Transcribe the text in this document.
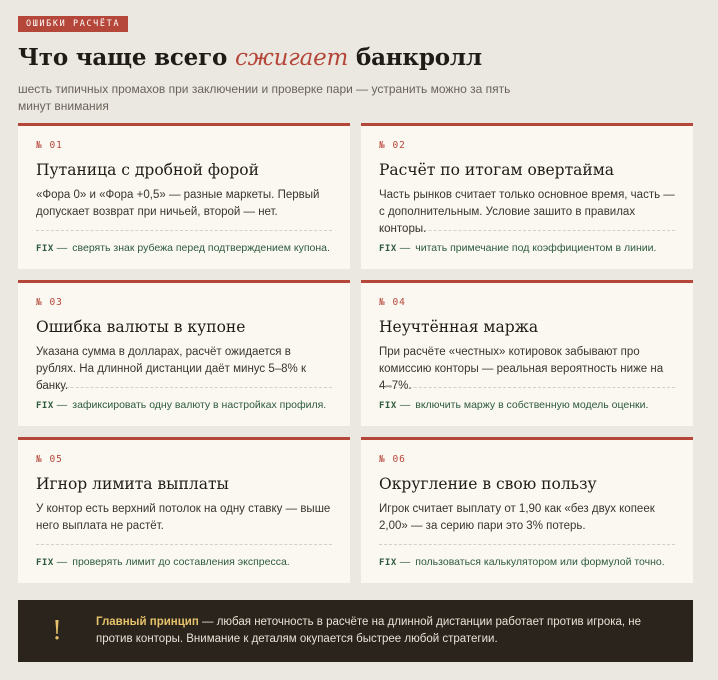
ОШИБКИ РАСЧЁТА
Что чаще всего сжигает банкролл

шесть типичных промахов при заключении и проверке пари — устранить можно за пять минут внимания

№ 01
Путаница с дробной форой
«Фора 0» и «Фора +0,5» — разные маркеты. Первый допускает возврат при ничьей, второй — нет.
FIX — сверять знак рубежа перед подтверждением купона.
№ 02
Расчёт по итогам овертайма
Часть рынков считает только основное время, часть — с дополнительным. Условие зашито в правилах конторы.
FIX — читать примечание под коэффициентом в линии.
№ 03
Ошибка валюты в купоне
Указана сумма в долларах, расчёт ожидается в рублях. На длинной дистанции даёт минус 5–8% к банку.
FIX — зафиксировать одну валюту в настройках профиля.
№ 04
Неучтённая маржа
При расчёте «честных» котировок забывают про комиссию конторы — реальная вероятность ниже на 4–7%.
FIX — включить маржу в собственную модель оценки.
№ 05
Игнор лимита выплаты
У контор есть верхний потолок на одну ставку — выше него выплата не растёт.
FIX — проверять лимит до составления экспресса.
№ 06
Округление в свою пользу
Игрок считает выплату от 1,90 как «без двух копеек 2,00» — за серию пари это 3% потерь.
FIX — пользоваться калькулятором или формулой точно.
!	Главный принцип — любая неточность в расчёте на длинной дистанции работает против игрока, не против конторы. Внимание к деталям окупается быстрее любой стратегии.
